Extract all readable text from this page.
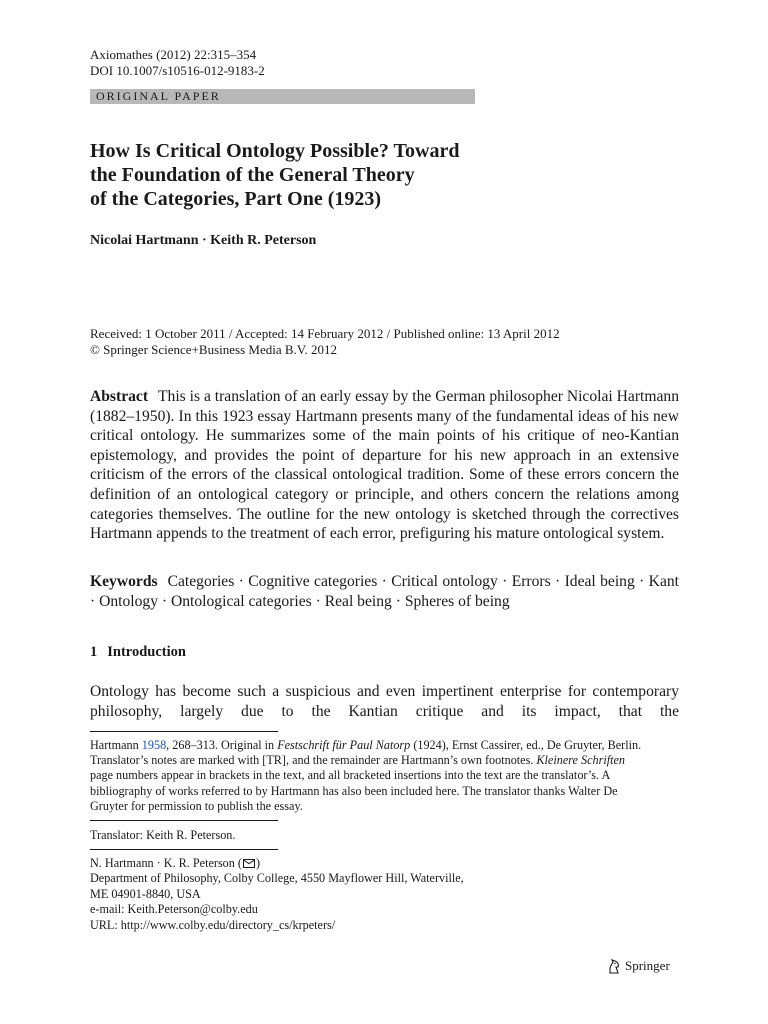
Axiomathes (2012) 22:315–354
DOI 10.1007/s10516-012-9183-2
ORIGINAL PAPER
How Is Critical Ontology Possible? Toward
the Foundation of the General Theory
of the Categories, Part One (1923)
Nicolai Hartmann · Keith R. Peterson
Received: 1 October 2011 / Accepted: 14 February 2012 / Published online: 13 April 2012
© Springer Science+Business Media B.V. 2012
Abstract This is a translation of an early essay by the German philosopher Nicolai Hartmann (1882–1950). In this 1923 essay Hartmann presents many of the fundamental ideas of his new critical ontology. He summarizes some of the main points of his critique of neo-Kantian epistemology, and provides the point of departure for his new approach in an extensive criticism of the errors of the classical ontological tradition. Some of these errors concern the definition of an ontological category or principle, and others concern the relations among categories themselves. The outline for the new ontology is sketched through the correctives Hartmann appends to the treatment of each error, prefiguring his mature ontological system.
Keywords Categories · Cognitive categories · Critical ontology · Errors · Ideal being · Kant · Ontology · Ontological categories · Real being · Spheres of being
1 Introduction
Ontology has become such a suspicious and even impertinent enterprise for contemporary philosophy, largely due to the Kantian critique and its impact, that the
Hartmann 1958, 268–313. Original in Festschrift für Paul Natorp (1924), Ernst Cassirer, ed., De Gruyter, Berlin. Translator’s notes are marked with [TR], and the remainder are Hartmann’s own footnotes. Kleinere Schriften page numbers appear in brackets in the text, and all bracketed insertions into the text are the translator’s. A bibliography of works referred to by Hartmann has also been included here. The translator thanks Walter De Gruyter for permission to publish the essay.
Translator: Keith R. Peterson.
N. Hartmann · K. R. Peterson ( )
Department of Philosophy, Colby College, 4550 Mayflower Hill, Waterville,
ME 04901-8840, USA
e-mail: Keith.Peterson@colby.edu
URL: http://www.colby.edu/directory_cs/krpeters/
Springer
